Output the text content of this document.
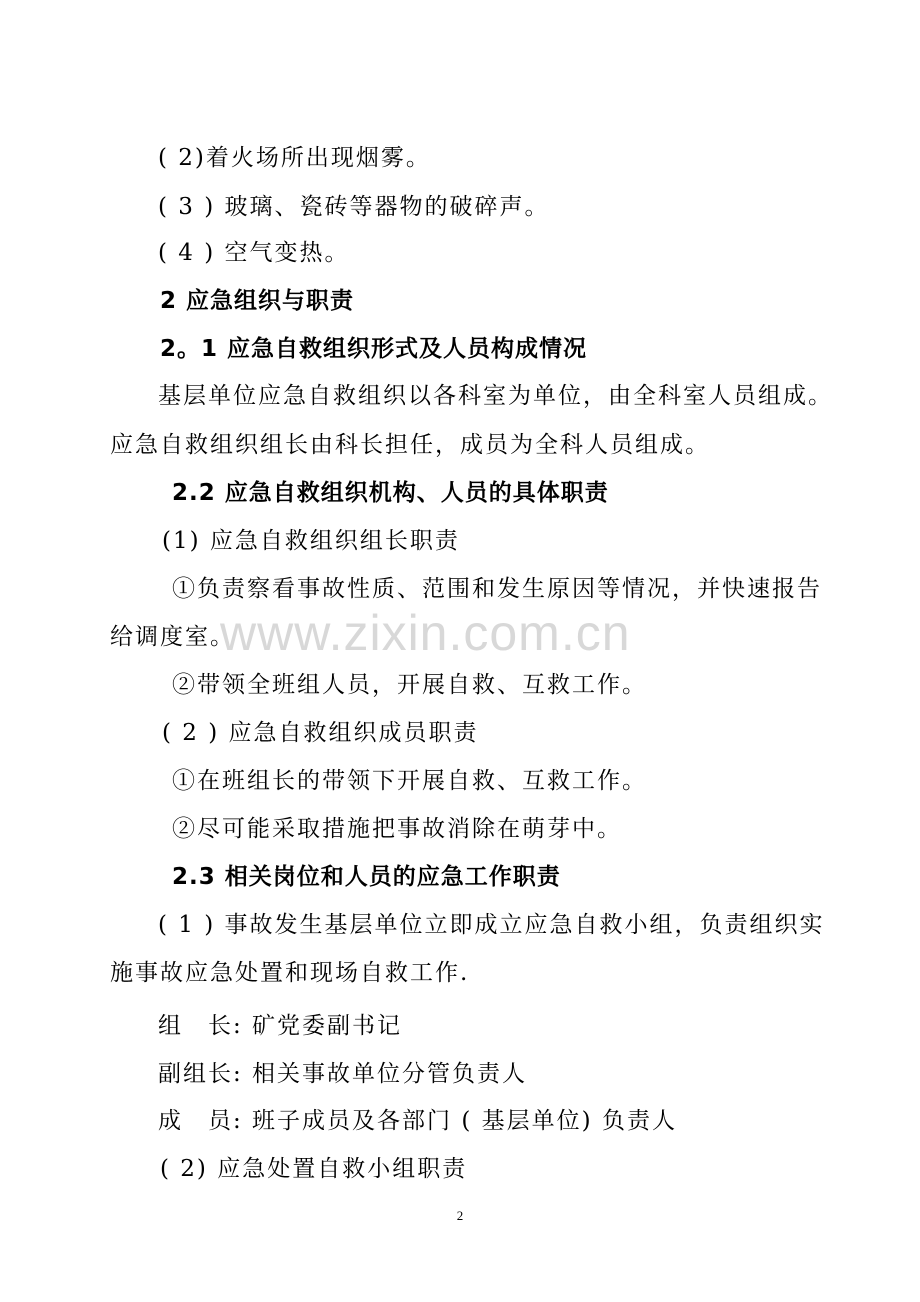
www.zixin.com.cn
( 2)着火场所出现烟雾。
( 3 ) 玻璃、瓷砖等器物的破碎声。
( 4 ) 空气变热。
2 应急组织与职责
2。1 应急自救组织形式及人员构成情况
基层单位应急自救组织以各科室为单位，由全科室人员组成。
应急自救组织组长由科长担任，成员为全科人员组成。
2.2 应急自救组织机构、人员的具体职责
(1) 应急自救组织组长职责
①负责察看事故性质、范围和发生原因等情况，并快速报告
给调度室。
②带领全班组人员，开展自救、互救工作。
( 2 ) 应急自救组织成员职责
①在班组长的带领下开展自救、互救工作。
②尽可能采取措施把事故消除在萌芽中。
2.3 相关岗位和人员的应急工作职责
( 1 ) 事故发生基层单位立即成立应急自救小组，负责组织实
施事故应急处置和现场自救工作.
组　长: 矿党委副书记
副组长: 相关事故单位分管负责人
成　员: 班子成员及各部门 ( 基层单位) 负责人
( 2) 应急处置自救小组职责
2
